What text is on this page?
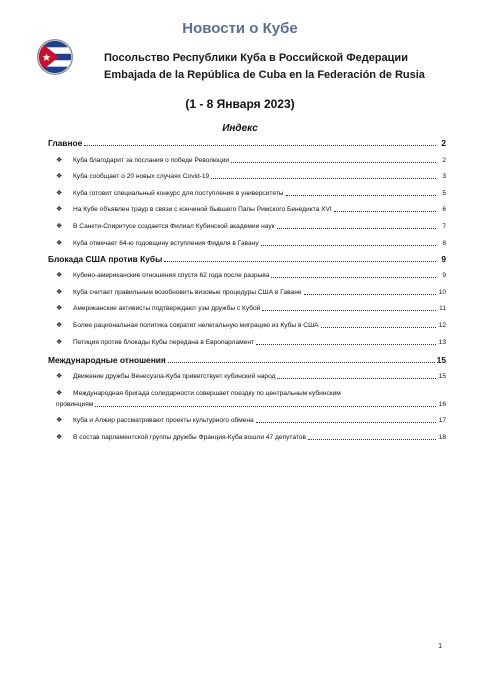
Новости о Кубе
Посольство Республики Куба в Российской Федерации
Embajada de la República de Cuba en la Federación de Rusia
(1 - 8 Января 2023)
Индекс
Главное	2
❖	Куба благодарит за послания о победе Революции	2
❖	Куба сообщает о 20 новых случаях Covid-19	3
❖	Куба готовит специальный конкурс для поступления в университеты	5
❖	На Кубе объявлен траур в связи с кончиной бывшего Папы Римского Бенедикта XVI	6
❖	В Санкти-Спиритусе создается Филиал Кубинской академии наук	7
❖	Куба отмечает 64-ю годовщину вступления Фиделя в Гавану	8
Блокада США против Кубы	9
❖	Кубино-американские отношения спустя 62 года после разрыва	9
❖	Куба считает правильным возобновить визовые процедуры США в Гаване	10
❖	Американские активисты подтверждают узы дружбы с Кубой	11
❖	Более рациональная политика сократит нелегальную миграцию из Кубы в США	12
❖	Петиция против блокады Кубы передана в Европарламент	13
Международные отношения	15
❖	Движение дружбы Венесуэла-Куба приветствует кубинский народ	15
❖	Международная бригада солидарности совершает поездку по центральным кубинским
провинциям	16
❖	Куба и Алжир рассматривают проекты культурного обмена	17
❖	В состав парламентской группы дружбы Франция-Куба вошли 47 депутатов	18
1
